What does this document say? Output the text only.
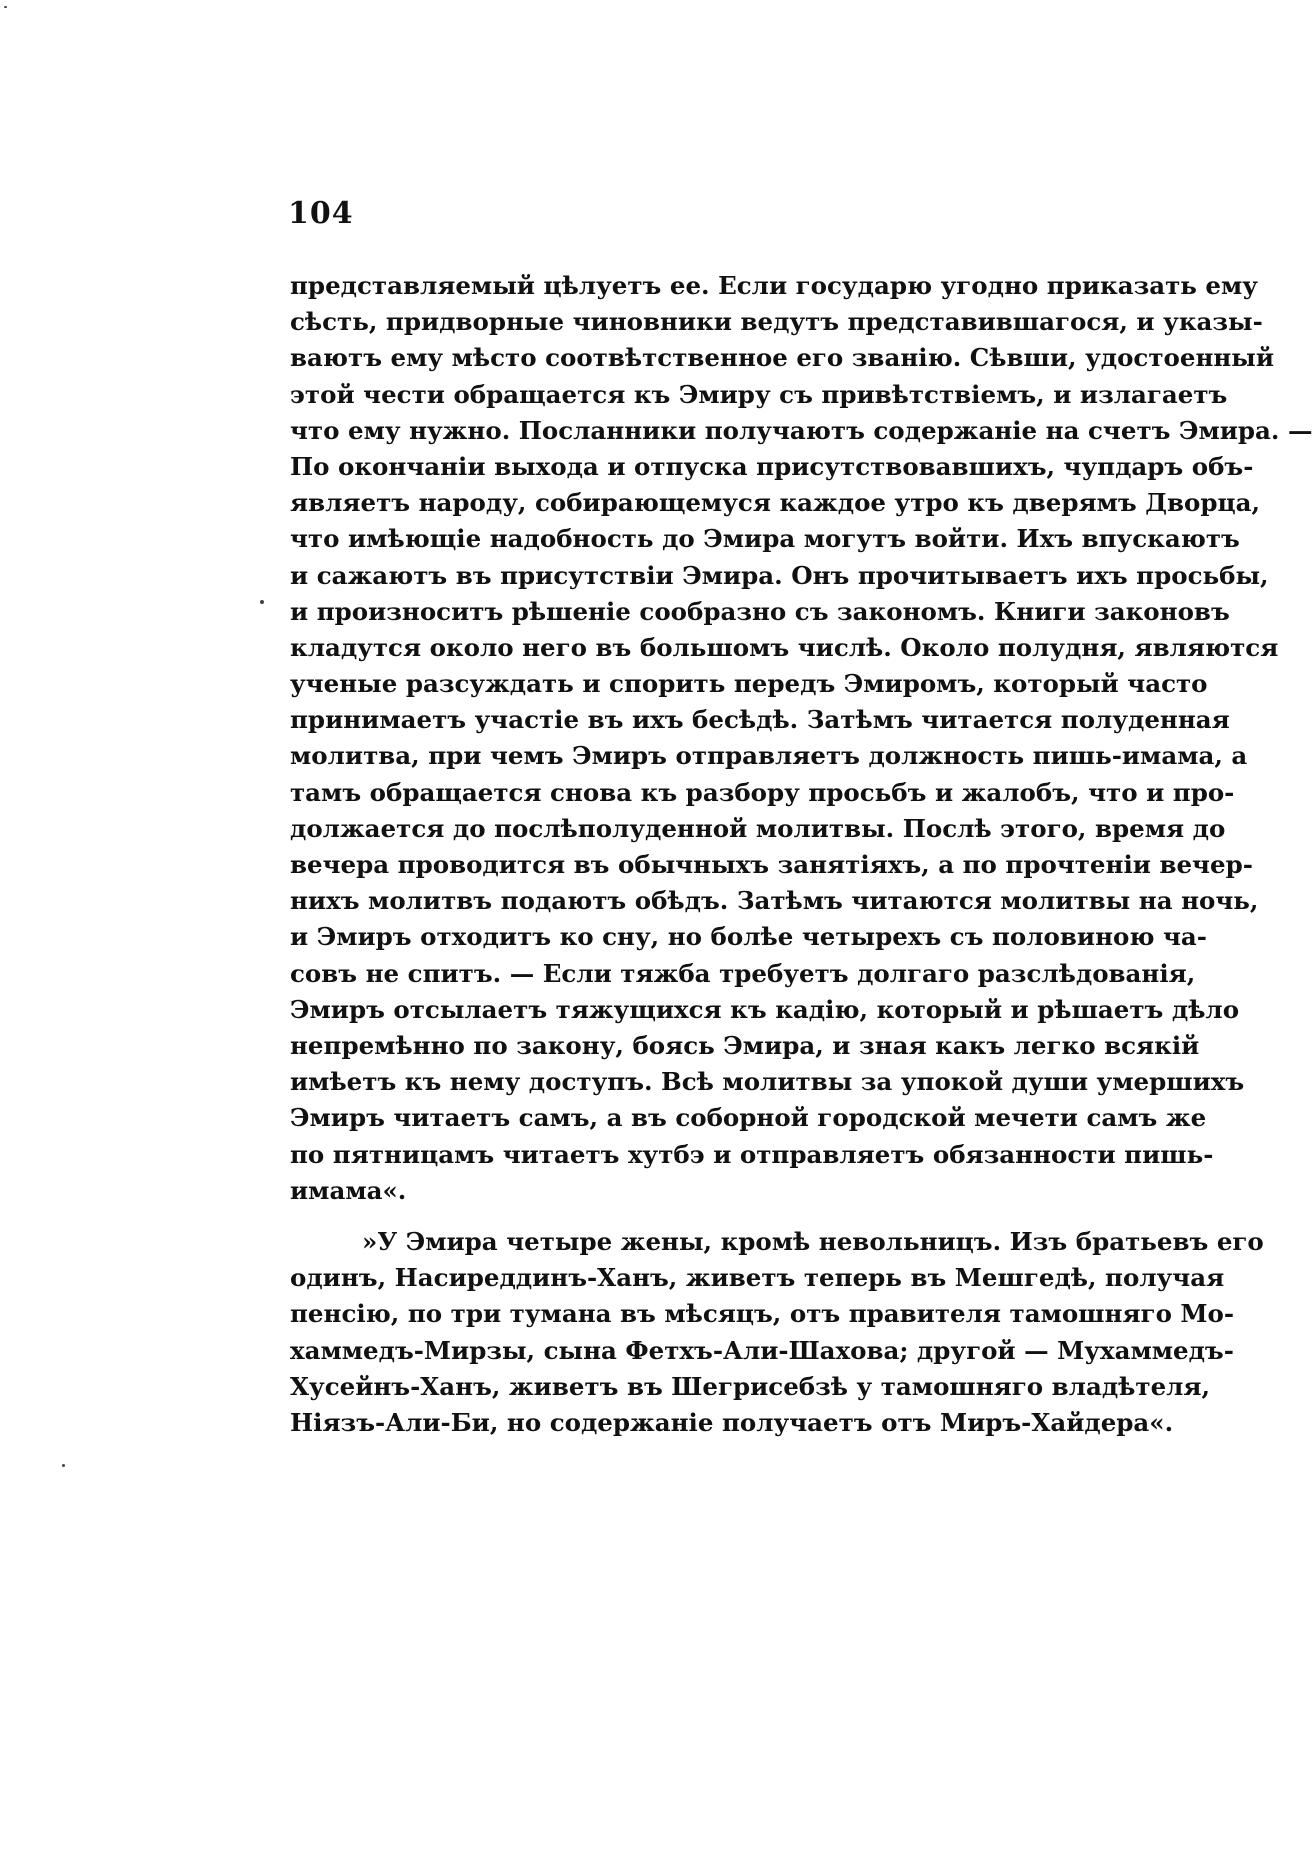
104
представляемый цѣлуетъ ее. Если государю угодно приказать ему
сѣсть, придворные чиновники ведутъ представившагося, и указы-
ваютъ ему мѣсто соотвѣтственное его званію. Сѣвши, удостоенный
этой чести обращается къ Эмиру съ привѣтствіемъ, и излагаетъ
что ему нужно. Посланники получаютъ содержаніе на счетъ Эмира. —
По окончаніи выхода и отпуска присутствовавшихъ, чупдаръ объ-
являетъ народу, собирающемуся каждое утро къ дверямъ Дворца,
что имѣющіе надобность до Эмира могутъ войти. Ихъ впускаютъ
и сажаютъ въ присутствіи Эмира. Онъ прочитываетъ ихъ просьбы,
и произноситъ рѣшеніе сообразно съ закономъ. Книги законовъ
кладутся около него въ большомъ числѣ. Около полудня, являются
ученые разсуждать и спорить передъ Эмиромъ, который часто
принимаетъ участіе въ ихъ бесѣдѣ. Затѣмъ читается полуденная
молитва, при чемъ Эмиръ отправляетъ должность пишь-имама, а
тамъ обращается снова къ разбору просьбъ и жалобъ, что и про-
должается до послѣполуденной молитвы. Послѣ этого, время до
вечера проводится въ обычныхъ занятіяхъ, а по прочтеніи вечер-
нихъ молитвъ подаютъ обѣдъ. Затѣмъ читаются молитвы на ночь,
и Эмиръ отходитъ ко сну, но болѣе четырехъ съ половиною ча-
совъ не спитъ. — Если тяжба требуетъ долгаго разслѣдованія,
Эмиръ отсылаетъ тяжущихся къ кадію, который и рѣшаетъ дѣло
непремѣнно по закону, боясь Эмира, и зная какъ легко всякій
имѣетъ къ нему доступъ. Всѣ молитвы за упокой души умершихъ
Эмиръ читаетъ самъ, а въ соборной городской мечети самъ же
по пятницамъ читаетъ хутбэ и отправляетъ обязанности пишь-
имама«.
»У Эмира четыре жены, кромѣ невольницъ. Изъ братьевъ его
одинъ, Насиреддинъ-Ханъ, живетъ теперь въ Мешгедѣ, получая
пенсію, по три тумана въ мѣсяцъ, отъ правителя тамошняго Мо-
хаммедъ-Мирзы, сына Фетхъ-Али-Шахова; другой — Мухаммедъ-
Хусейнъ-Ханъ, живетъ въ Шегрисебзѣ у тамошняго владѣтеля,
Ніязъ-Али-Би, но содержаніе получаетъ отъ Миръ-Хайдера«.
